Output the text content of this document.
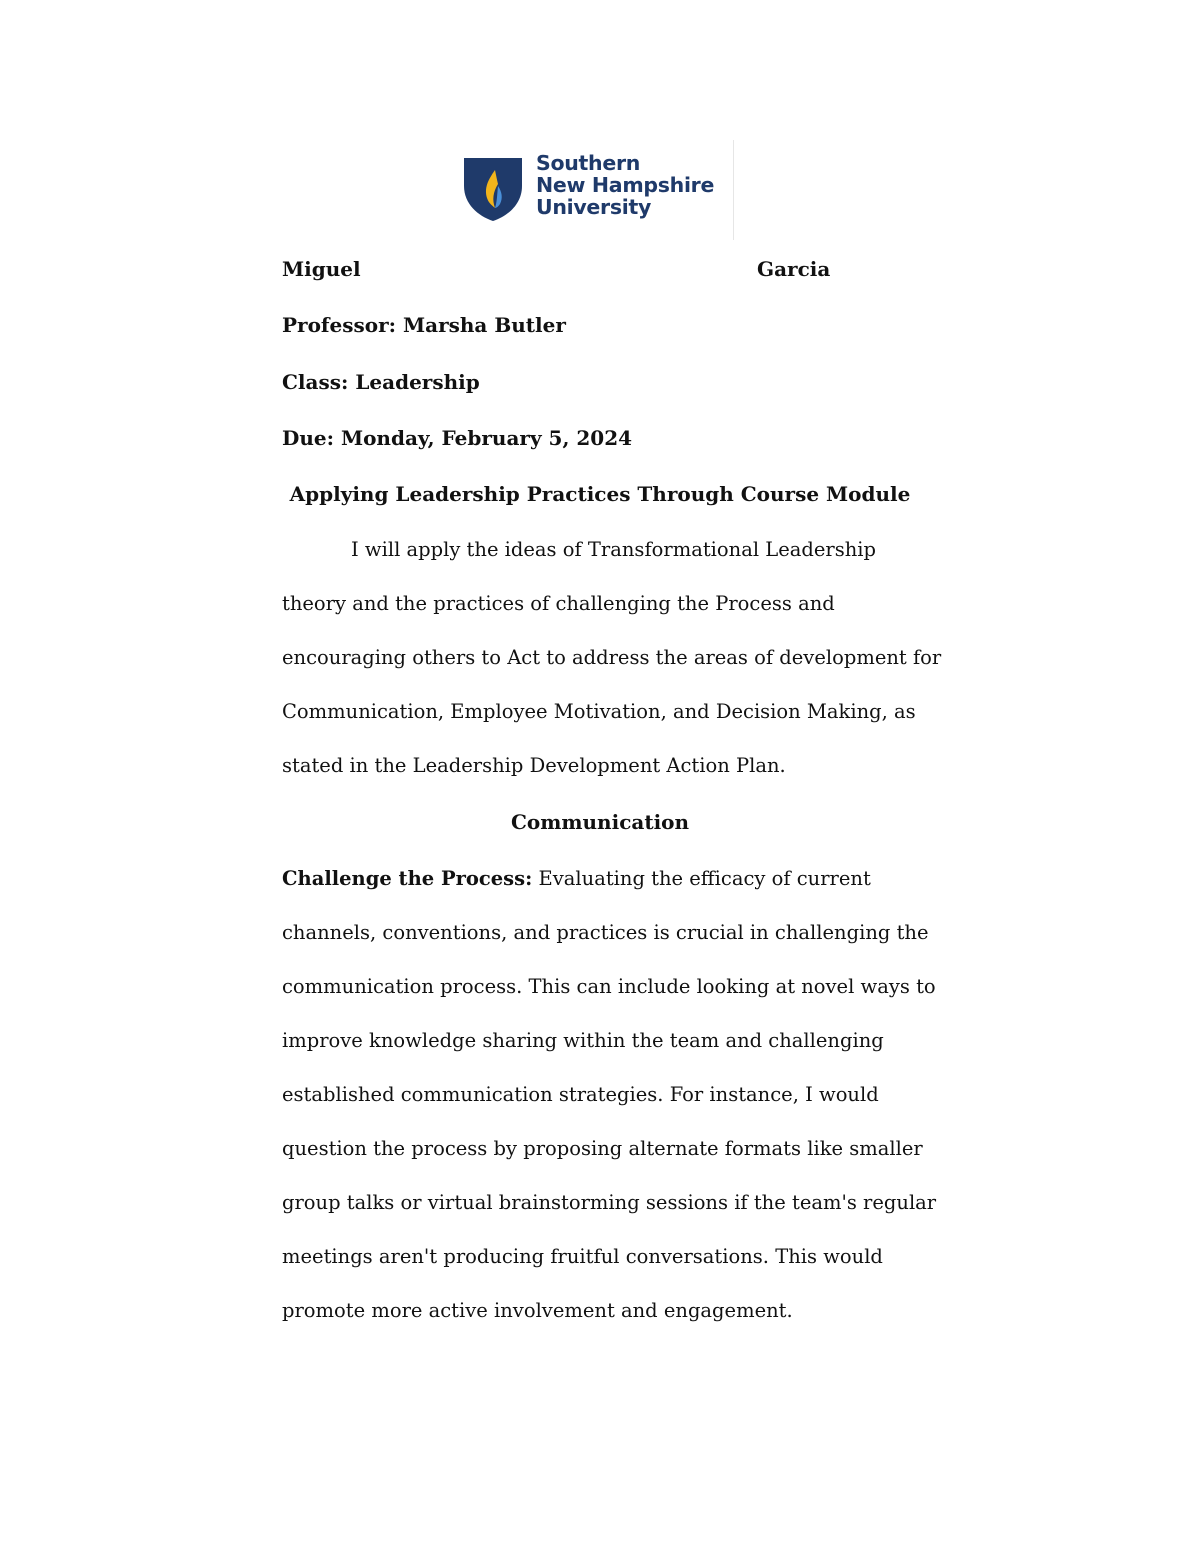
Southern
New Hampshire
University
Miguel	Garcia
Professor: Marsha Butler
Class: Leadership
Due: Monday, February 5, 2024
Applying Leadership Practices Through Course Module
I will apply the ideas of Transformational Leadership
theory and the practices of challenging the Process and
encouraging others to Act to address the areas of development for
Communication, Employee Motivation, and Decision Making, as
stated in the Leadership Development Action Plan.
Communication
Challenge the Process: Evaluating the efficacy of current
channels, conventions, and practices is crucial in challenging the
communication process. This can include looking at novel ways to
improve knowledge sharing within the team and challenging
established communication strategies. For instance, I would
question the process by proposing alternate formats like smaller
group talks or virtual brainstorming sessions if the team's regular
meetings aren't producing fruitful conversations. This would
promote more active involvement and engagement.
